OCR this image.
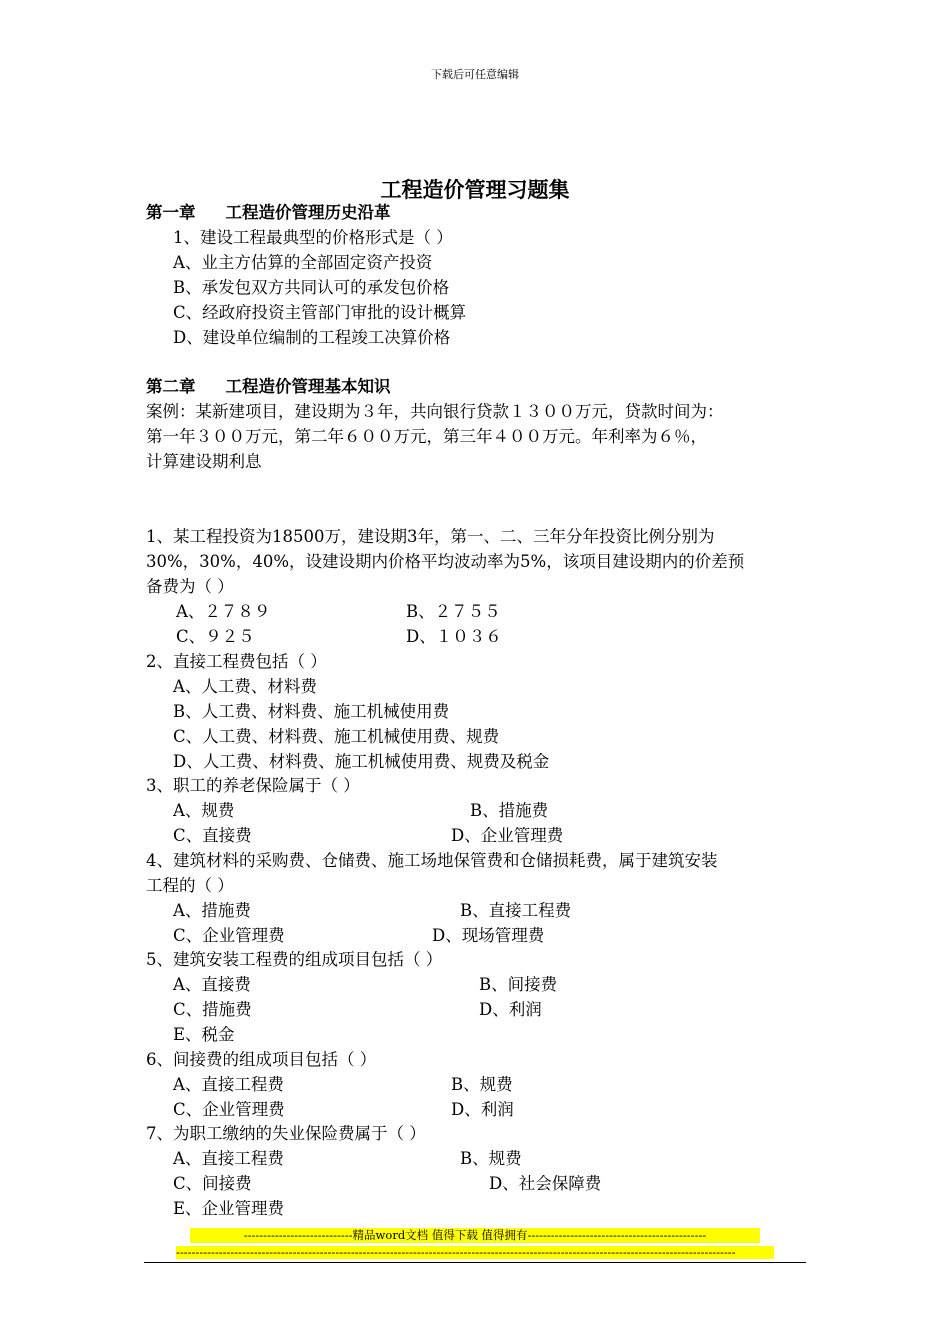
下载后可任意编辑
工程造价管理习题集
第一章 工程造价管理历史沿革
1、建设工程最典型的价格形式是（ ）
A、业主方估算的全部固定资产投资
B、承发包双方共同认可的承发包价格
C、经政府投资主管部门审批的设计概算
D、建设单位编制的工程竣工决算价格
第二章 工程造价管理基本知识
案例：某新建项目，建设期为３年，共向银行贷款１３００万元，贷款时间为：
第一年３００万元，第二年６００万元，第三年４００万元。年利率为６％，
计算建设期利息
1、某工程投资为18500万，建设期3年，第一、二、三年分年投资比例分别为
30%，30%，40%，设建设期内价格平均波动率为5%，该项目建设期内的价差预
备费为（ ）
A、２７８９	B、２７５５
C、９２５	D、１０３６
2、直接工程费包括（ ）
A、人工费、材料费
B、人工费、材料费、施工机械使用费
C、人工费、材料费、施工机械使用费、规费
D、人工费、材料费、施工机械使用费、规费及税金
3、职工的养老保险属于（ ）
A、规费	B、措施费
C、直接费	D、企业管理费
4、建筑材料的采购费、仓储费、施工场地保管费和仓储损耗费，属于建筑安装
工程的（ ）
A、措施费	B、直接工程费
C、企业管理费	D、现场管理费
5、建筑安装工程费的组成项目包括（ ）
A、直接费	B、间接费
C、措施费	D、利润
E、税金
6、间接费的组成项目包括（ ）
A、直接工程费	B、规费
C、企业管理费	D、利润
7、为职工缴纳的失业保险费属于（ ）
A、直接工程费	B、规费
C、间接费	D、社会保障费
E、企业管理费
----------------------------精品word文档 值得下载 值得拥有----------------------------------------------
------------------------------------------------------------------------------------------------------------------------------------------------
